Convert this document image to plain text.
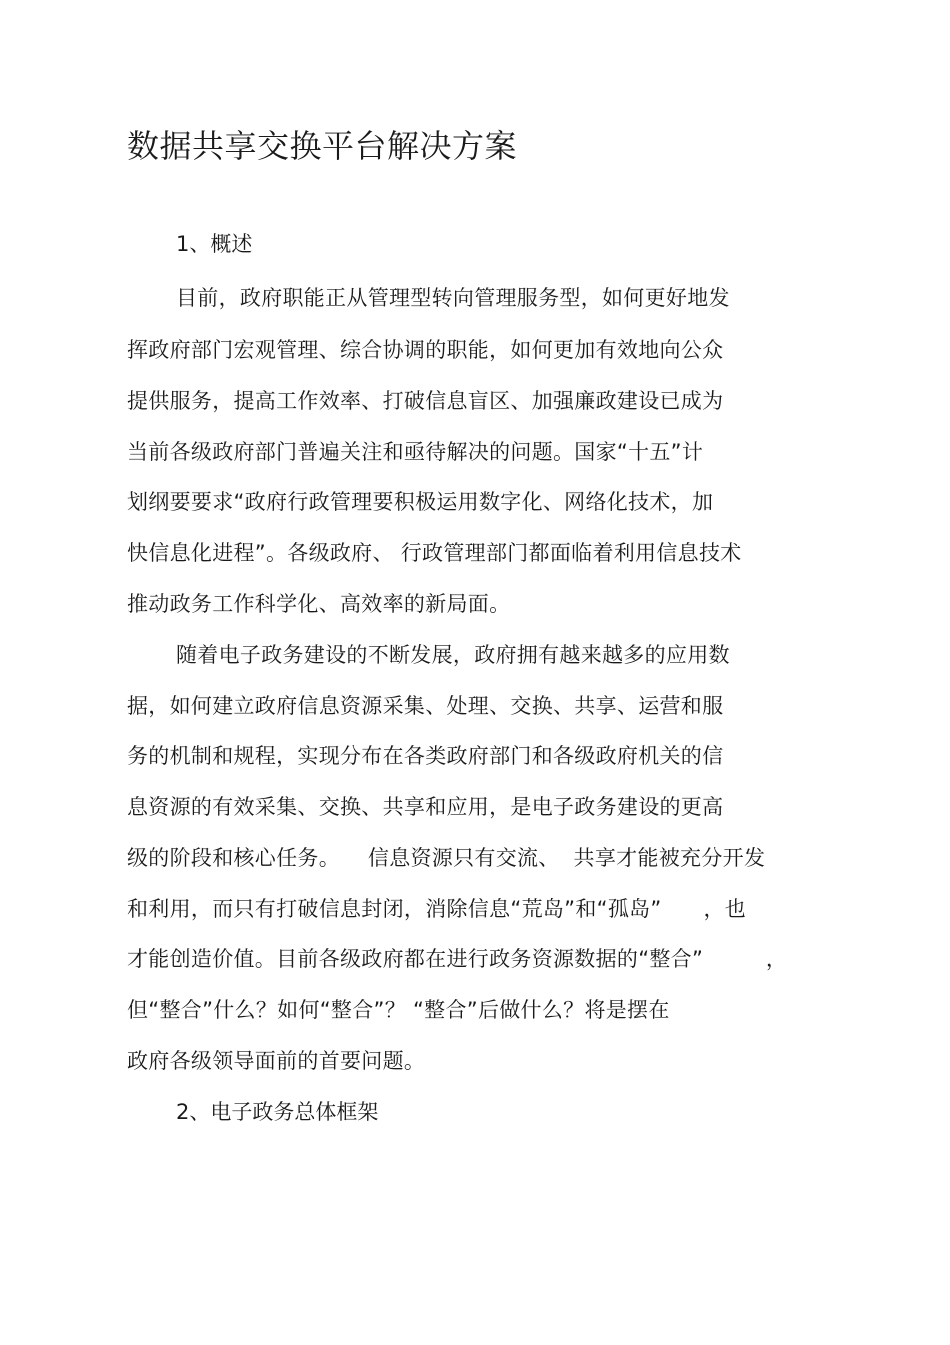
数据共享交换平台解决方案
1、概述
目前，政府职能正从管理型转向管理服务型，如何更好地发
挥政府部门宏观管理、综合协调的职能，如何更加有效地向公众
提供服务，提高工作效率、打破信息盲区、加强廉政建设已成为
当前各级政府部门普遍关注和亟待解决的问题。国家“十五”计
划纲要要求“政府行政管理要积极运用数字化、网络化技术，加
快信息化进程”。各级政府、 行政管理部门都面临着利用信息技术
推动政务工作科学化、高效率的新局面。
随着电子政务建设的不断发展，政府拥有越来越多的应用数
据，如何建立政府信息资源采集、处理、交换、共享、运营和服
务的机制和规程，实现分布在各类政府部门和各级政府机关的信
息资源的有效采集、交换、共享和应用，是电子政务建设的更高
级的阶段和核心任务。    信息资源只有交流、  共享才能被充分开发
和利用，而只有打破信息封闭，消除信息“荒岛”和“孤岛”      ，也
才能创造价值。目前各级政府都在进行政务资源数据的“整合”         ，
但“整合”什么？如何“整合”？ “整合”后做什么？将是摆在
政府各级领导面前的首要问题。
2、电子政务总体框架
